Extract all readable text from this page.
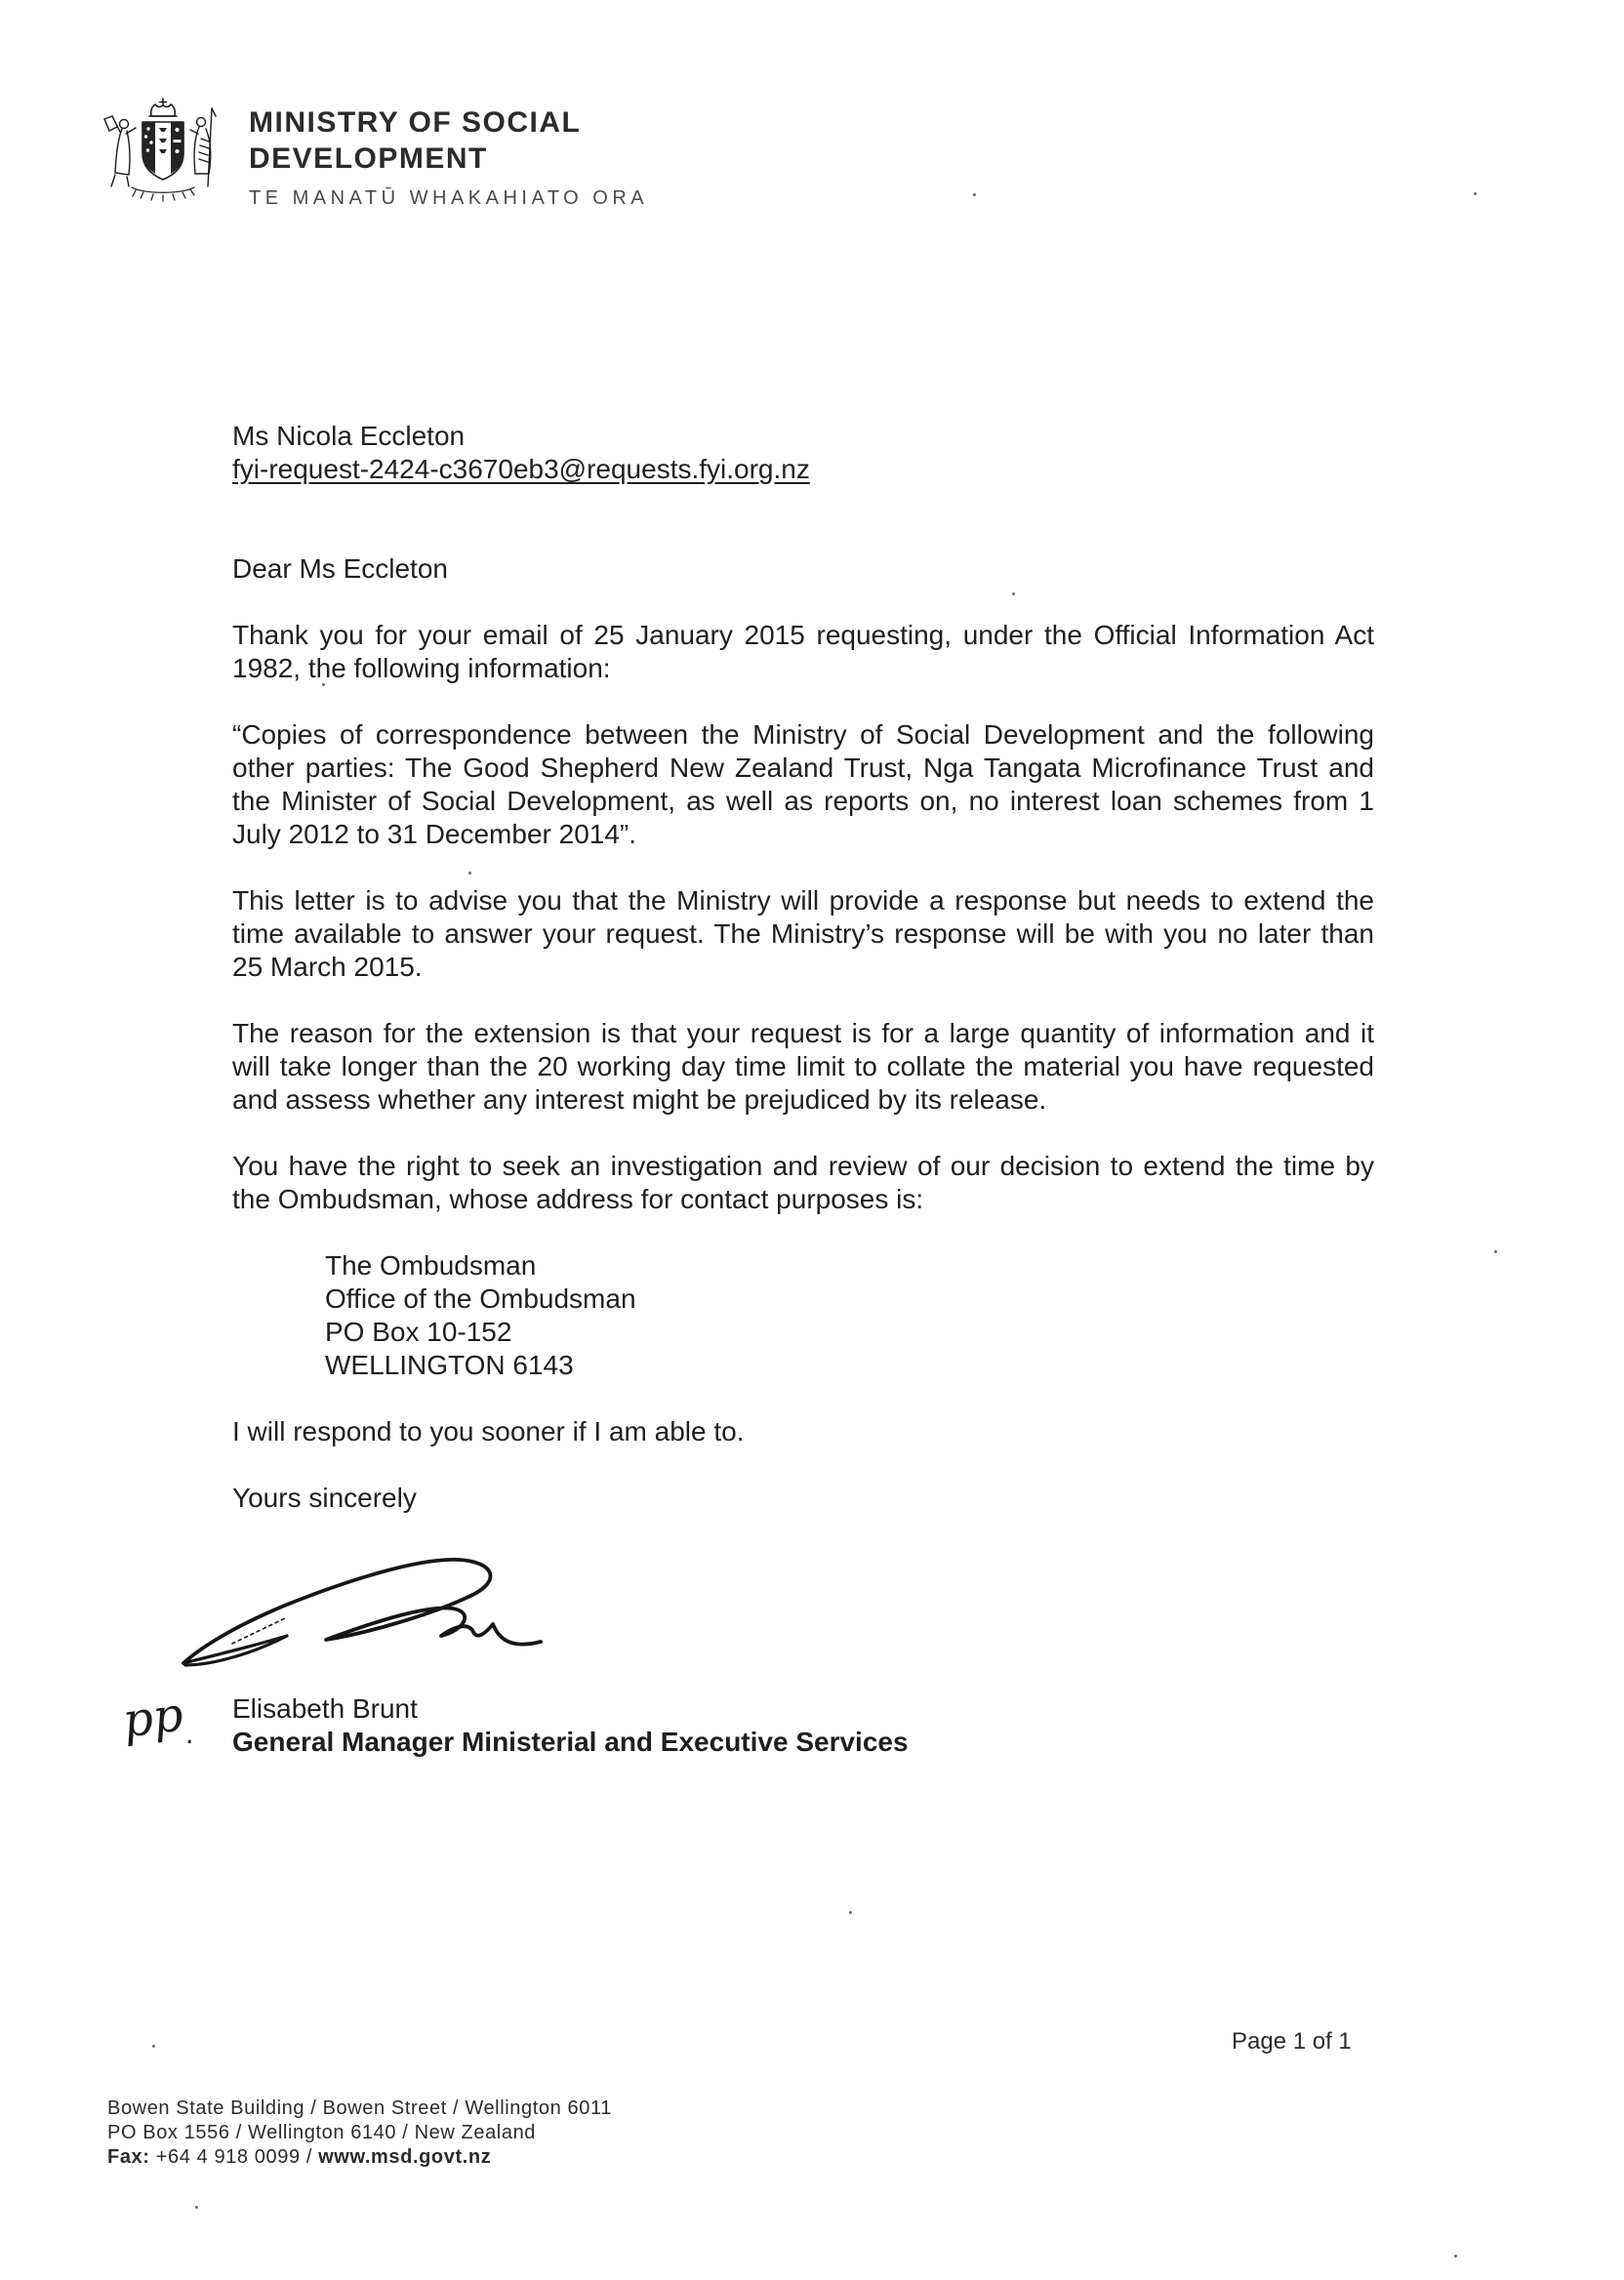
MINISTRY OF SOCIAL
DEVELOPMENT
TE MANATŪ WHAKAHIATO ORA
Ms Nicola Eccleton
fyi-request-2424-c3670eb3@requests.fyi.org.nz

Dear Ms Eccleton

Thank you for your email of 25 January 2015 requesting, under the Official Information Act 1982, the following information:

“Copies of correspondence between the Ministry of Social Development and the following other parties: The Good Shepherd New Zealand Trust, Nga Tangata Microfinance Trust and the Minister of Social Development, as well as reports on, no interest loan schemes from 1 July 2012 to 31 December 2014”.

This letter is to advise you that the Ministry will provide a response but needs to extend the time available to answer your request. The Ministry’s response will be with you no later than 25 March 2015.

The reason for the extension is that your request is for a large quantity of information and it will take longer than the 20 working day time limit to collate the material you have requested and assess whether any interest might be prejudiced by its release.

You have the right to seek an investigation and review of our decision to extend the time by the Ombudsman, whose address for contact purposes is:

The Ombudsman
Office of the Ombudsman
PO Box 10-152
WELLINGTON 6143

I will respond to you sooner if I am able to.

Yours sincerely

pp .
Elisabeth Brunt
General Manager Ministerial and Executive Services
Page 1 of 1
Bowen State Building / Bowen Street / Wellington 6011
PO Box 1556 / Wellington 6140 / New Zealand
Fax: +64 4 918 0099 / www.msd.govt.nz
